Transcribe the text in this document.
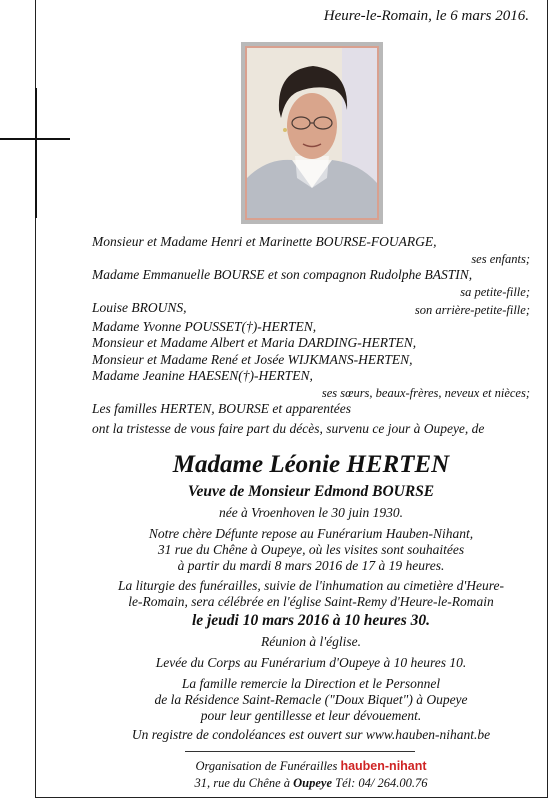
Heure-le-Romain, le 6 mars 2016.
Monsieur et Madame Henri et Marinette BOURSE-FOUARGE,
ses enfants;
Madame Emmanuelle BOURSE et son compagnon Rudolphe BASTIN,
sa petite-fille;
Louise BROUNS,	son arrière-petite-fille;
Madame Yvonne POUSSET(†)-HERTEN,
Monsieur et Madame Albert et Maria DARDING-HERTEN,
Monsieur et Madame René et Josée WIJKMANS-HERTEN,
Madame Jeanine HAESEN(†)-HERTEN,
ses sœurs, beaux-frères, neveux et nièces;
Les familles HERTEN, BOURSE et apparentées
ont la tristesse de vous faire part du décès, survenu ce jour à Oupeye, de
Madame Léonie HERTEN
Veuve de Monsieur Edmond BOURSE
née à Vroenhoven le 30 juin 1930.
Notre chère Défunte repose au Funérarium Hauben-Nihant,
31 rue du Chêne à Oupeye, où les visites sont souhaitées
à partir du mardi 8 mars 2016 de 17 à 19 heures.
La liturgie des funérailles, suivie de l'inhumation au cimetière d'Heure-
le-Romain, sera célébrée en l'église Saint-Remy d'Heure-le-Romain
le jeudi 10 mars 2016 à 10 heures 30.
Réunion à l'église.
Levée du Corps au Funérarium d'Oupeye à 10 heures 10.
La famille remercie la Direction et le Personnel
de la Résidence Saint-Remacle ("Doux Biquet") à Oupeye
pour leur gentillesse et leur dévouement.
Un registre de condoléances est ouvert sur www.hauben-nihant.be
Organisation de Funérailles hauben-nihant
31, rue du Chêne à Oupeye Tél: 04/ 264.00.76
